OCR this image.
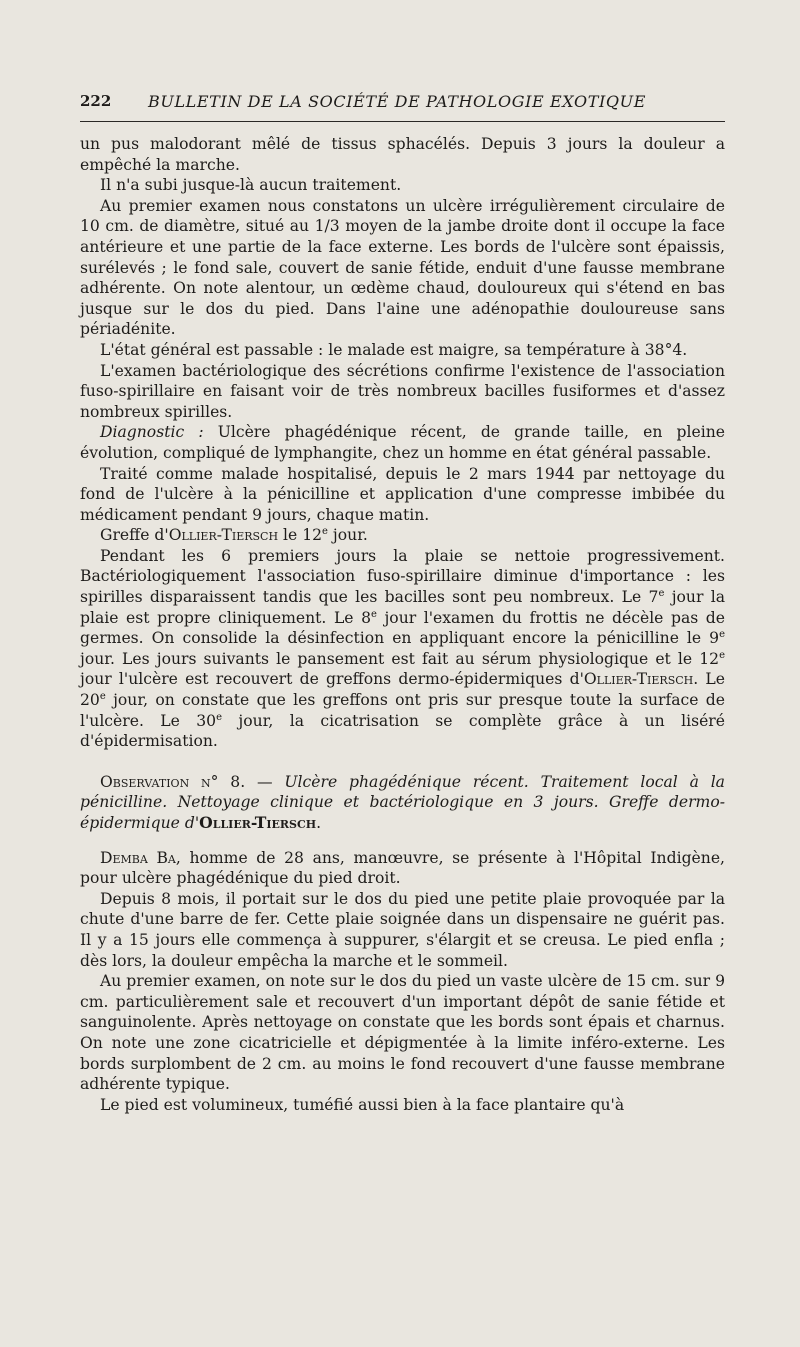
222 BULLETIN DE LA SOCIÉTÉ DE PATHOLOGIE EXOTIQUE

un pus malodorant mêlé de tissus sphacélés. Depuis 3 jours la douleur a empêché la marche.

Il n'a subi jusque-là aucun traitement.

Au premier examen nous constatons un ulcère irrégulièrement circulaire de 10 cm. de diamètre, situé au 1/3 moyen de la jambe droite dont il occupe la face antérieure et une partie de la face externe. Les bords de l'ulcère sont épaissis, surélevés ; le fond sale, couvert de sanie fétide, enduit d'une fausse membrane adhérente. On note alentour, un œdème chaud, douloureux qui s'étend en bas jusque sur le dos du pied. Dans l'aine une adénopathie douloureuse sans périadénite.

L'état général est passable : le malade est maigre, sa température à 38°4.

L'examen bactériologique des sécrétions confirme l'existence de l'association fuso-spirillaire en faisant voir de très nombreux bacilles fusiformes et d'assez nombreux spirilles.

Diagnostic : Ulcère phagédénique récent, de grande taille, en pleine évolution, compliqué de lymphangite, chez un homme en état général passable.

Traité comme malade hospitalisé, depuis le 2 mars 1944 par nettoyage du fond de l'ulcère à la pénicilline et application d'une compresse imbibée du médicament pendant 9 jours, chaque matin.

Greffe d'Ollier-Tiersch le 12e jour.

Pendant les 6 premiers jours la plaie se nettoie progressivement. Bactériologiquement l'association fuso-spirillaire diminue d'importance : les spirilles disparaissent tandis que les bacilles sont peu nombreux. Le 7e jour la plaie est propre cliniquement. Le 8e jour l'examen du frottis ne décèle pas de germes. On consolide la désinfection en appliquant encore la pénicilline le 9e jour. Les jours suivants le pansement est fait au sérum physiologique et le 12e jour l'ulcère est recouvert de greffons dermo-épidermiques d'Ollier-Tiersch. Le 20e jour, on constate que les greffons ont pris sur presque toute la surface de l'ulcère. Le 30e jour, la cicatrisation se complète grâce à un liséré d'épidermisation.

Observation n° 8. — Ulcère phagédénique récent. Traitement local à la pénicilline. Nettoyage clinique et bactériologique en 3 jours. Greffe dermo-épidermique d'Ollier-Tiersch.

Demba Ba, homme de 28 ans, manœuvre, se présente à l'Hôpital Indigène, pour ulcère phagédénique du pied droit.

Depuis 8 mois, il portait sur le dos du pied une petite plaie provoquée par la chute d'une barre de fer. Cette plaie soignée dans un dispensaire ne guérit pas. Il y a 15 jours elle commença à suppurer, s'élargit et se creusa. Le pied enfla ; dès lors, la douleur empêcha la marche et le sommeil.

Au premier examen, on note sur le dos du pied un vaste ulcère de 15 cm. sur 9 cm. particulièrement sale et recouvert d'un important dépôt de sanie fétide et sanguinolente. Après nettoyage on constate que les bords sont épais et charnus. On note une zone cicatricielle et dépigmentée à la limite inféro-externe. Les bords surplombent de 2 cm. au moins le fond recouvert d'une fausse membrane adhérente typique.

Le pied est volumineux, tuméfié aussi bien à la face plantaire qu'à
